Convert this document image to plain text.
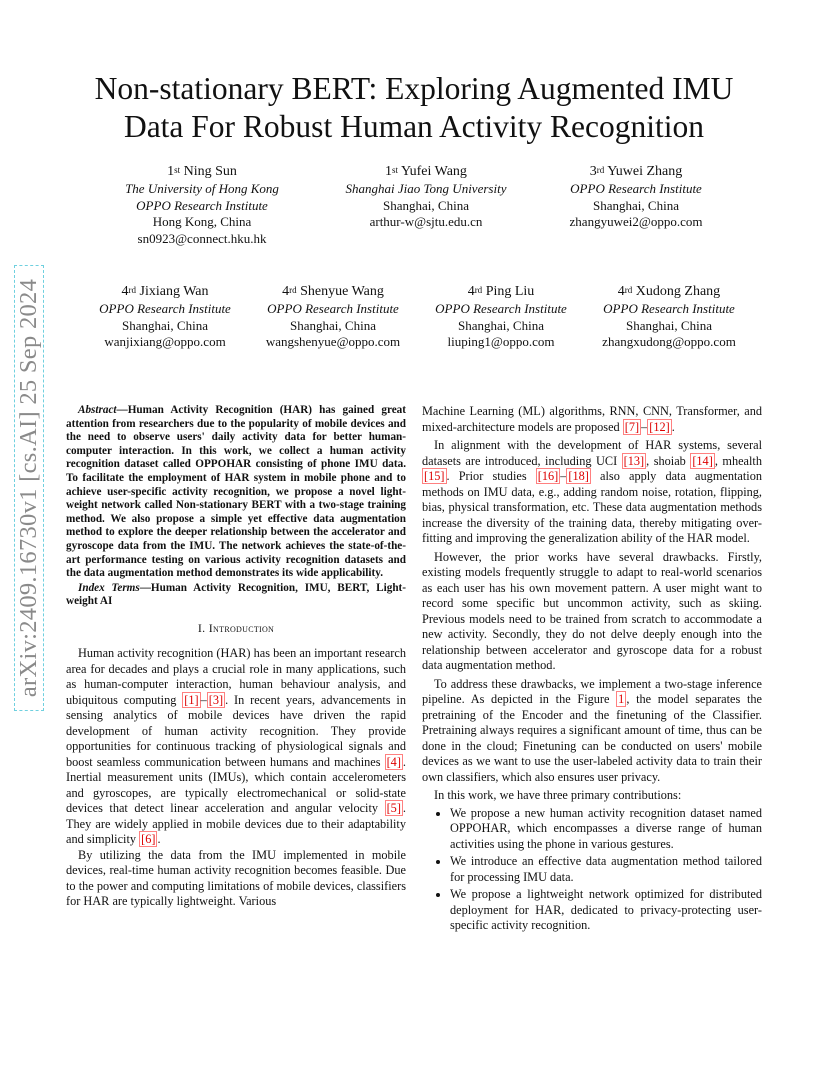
arXiv:2409.16730v1 [cs.AI] 25 Sep 2024
Non-stationary BERT: Exploring Augmented IMU
Data For Robust Human Activity Recognition
1st Ning Sun
The University of Hong Kong
OPPO Research Institute
Hong Kong, China
sn0923@connect.hku.hk
1st Yufei Wang
Shanghai Jiao Tong University
Shanghai, China
arthur-w@sjtu.edu.cn
3rd Yuwei Zhang
OPPO Research Institute
Shanghai, China
zhangyuwei2@oppo.com
4rd Jixiang Wan
OPPO Research Institute
Shanghai, China
wanjixiang@oppo.com
4rd Shenyue Wang
OPPO Research Institute
Shanghai, China
wangshenyue@oppo.com
4rd Ping Liu
OPPO Research Institute
Shanghai, China
liuping1@oppo.com
4rd Xudong Zhang
OPPO Research Institute
Shanghai, China
zhangxudong@oppo.com

Abstract—Human Activity Recognition (HAR) has gained great attention from researchers due to the popularity of mobile devices and the need to observe users' daily activity data for better human-computer interaction. In this work, we collect a human activity recognition dataset called OPPOHAR consisting of phone IMU data. To facilitate the employment of HAR system in mobile phone and to achieve user-specific activity recognition, we propose a novel light-weight network called Non-stationary BERT with a two-stage training method. We also propose a simple yet effective data augmentation method to explore the deeper relationship between the accelerator and gyroscope data from the IMU. The network achieves the state-of-the-art performance testing on various activity recognition datasets and the data augmentation method demonstrates its wide applicability.

Index Terms—Human Activity Recognition, IMU, BERT, Light-weight AI

I. Introduction

Human activity recognition (HAR) has been an important research area for decades and plays a crucial role in many applications, such as human-computer interaction, human behaviour analysis, and ubiquitous computing [1] – [3] . In recent years, advancements in sensing analytics of mobile devices have driven the rapid development of human activity recognition. They provide opportunities for continuous tracking of physiological signals and boost seamless communication between humans and machines [4] . Inertial measurement units (IMUs), which contain accelerometers and gyroscopes, are typically electromechanical or solid-state devices that detect linear acceleration and angular velocity [5] . They are widely applied in mobile devices due to their adaptability and simplicity [6] .

By utilizing the data from the IMU implemented in mobile devices, real-time human activity recognition becomes feasible. Due to the power and computing limitations of mobile devices, classifiers for HAR are typically lightweight. Various

Machine Learning (ML) algorithms, RNN, CNN, Transformer, and mixed-architecture models are proposed [7] – [12] .

In alignment with the development of HAR systems, several datasets are introduced, including UCI [13] , shoiab [14] , mhealth [15] . Prior studies [16] – [18] also apply data augmentation methods on IMU data, e.g., adding random noise, rotation, flipping, bias, physical transformation, etc. These data augmentation methods increase the diversity of the training data, thereby mitigating over-fitting and improving the generalization ability of the HAR model.

However, the prior works have several drawbacks. Firstly, existing models frequently struggle to adapt to real-world scenarios as each user has his own movement pattern. A user might want to record some specific but uncommon activity, such as skiing. Previous models need to be trained from scratch to accommodate a new activity. Secondly, they do not delve deeply enough into the relationship between accelerator and gyroscope data for a robust data augmentation method.

To address these drawbacks, we implement a two-stage inference pipeline. As depicted in the Figure 1 , the model separates the pretraining of the Encoder and the finetuning of the Classifier. Pretraining always requires a significant amount of time, thus can be done in the cloud; Finetuning can be conducted on users' mobile devices as we want to use the user-labeled activity data to train their own classifiers, which also ensures user privacy.

In this work, we have three primary contributions:

• We propose a new human activity recognition dataset named OPPOHAR, which encompasses a diverse range of human activities using the phone in various gestures.
• We introduce an effective data augmentation method tailored for processing IMU data.
• We propose a lightweight network optimized for distributed deployment for HAR, dedicated to privacy-protecting user-specific activity recognition.
